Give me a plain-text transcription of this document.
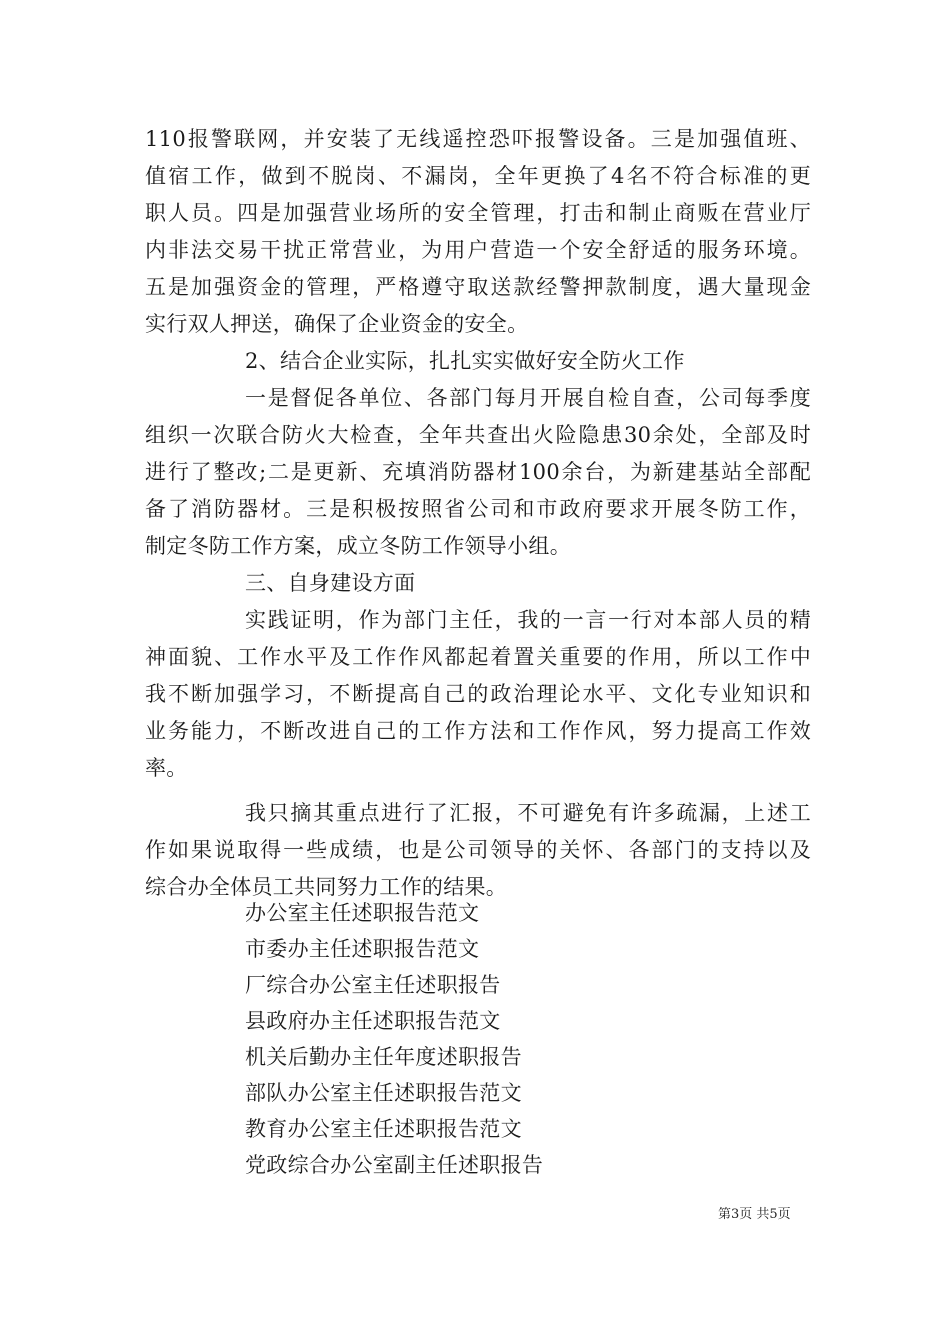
110报警联网，并安装了无线遥控恐吓报警设备。三是加强值班、
值宿工作，做到不脱岗、不漏岗，全年更换了4名不符合标准的更
职人员。四是加强营业场所的安全管理，打击和制止商贩在营业厅
内非法交易干扰正常营业，为用户营造一个安全舒适的服务环境。
五是加强资金的管理，严格遵守取送款经警押款制度，遇大量现金
实行双人押送，确保了企业资金的安全。
2、结合企业实际，扎扎实实做好安全防火工作
一是督促各单位、各部门每月开展自检自查，公司每季度
组织一次联合防火大检查，全年共查出火险隐患30余处，全部及时
进行了整改;二是更新、充填消防器材100余台，为新建基站全部配
备了消防器材。三是积极按照省公司和市政府要求开展冬防工作，
制定冬防工作方案，成立冬防工作领导小组。
三、自身建设方面
实践证明，作为部门主任，我的一言一行对本部人员的精
神面貌、工作水平及工作作风都起着置关重要的作用，所以工作中
我不断加强学习，不断提高自己的政治理论水平、文化专业知识和
业务能力，不断改进自己的工作方法和工作作风，努力提高工作效
率。
我只摘其重点进行了汇报，不可避免有许多疏漏，上述工
作如果说取得一些成绩，也是公司领导的关怀、各部门的支持以及
综合办全体员工共同努力工作的结果。
办公室主任述职报告范文
市委办主任述职报告范文
厂综合办公室主任述职报告
县政府办主任述职报告范文
机关后勤办主任年度述职报告
部队办公室主任述职报告范文
教育办公室主任述职报告范文
党政综合办公室副主任述职报告
第3页 共5页
